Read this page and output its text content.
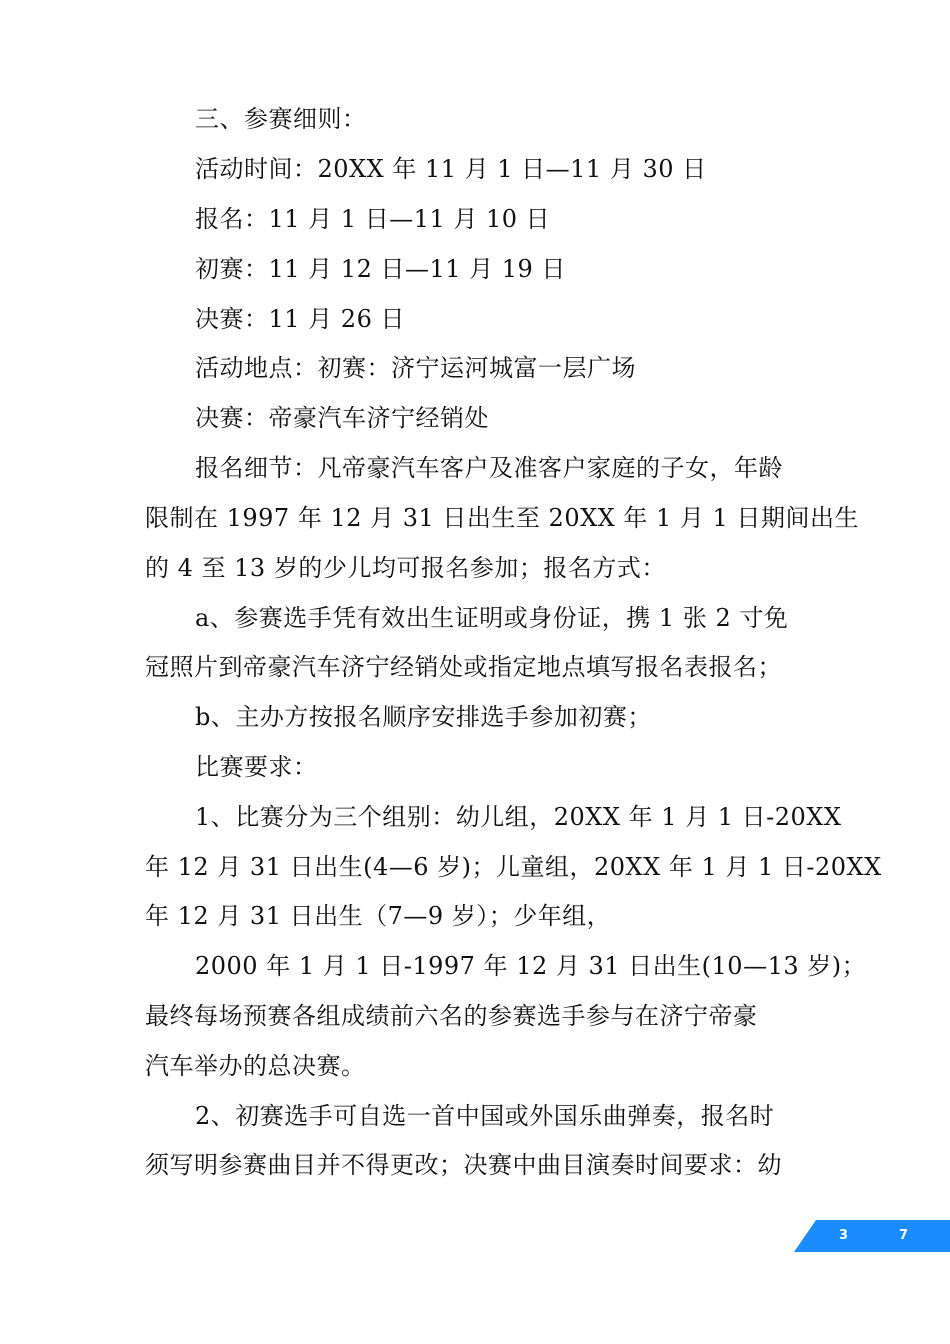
三、参赛细则：
活动时间：20XX 年 11 月 1 日—11 月 30 日
报名：11 月 1 日—11 月 10 日
初赛：11 月 12 日—11 月 19 日
决赛：11 月 26 日
活动地点：初赛：济宁运河城富一层广场
决赛：帝豪汽车济宁经销处
报名细节：凡帝豪汽车客户及准客户家庭的子女，年龄
限制在 1997 年 12 月 31 日出生至 20XX 年 1 月 1 日期间出生
的 4 至 13 岁的少儿均可报名参加；报名方式：
a、参赛选手凭有效出生证明或身份证，携 1 张 2 寸免
冠照片到帝豪汽车济宁经销处或指定地点填写报名表报名；
b、主办方按报名顺序安排选手参加初赛；
比赛要求：
1、比赛分为三个组别：幼儿组，20XX 年 1 月 1 日-20XX
年 12 月 31 日出生(4—6 岁)；儿童组，20XX 年 1 月 1 日-20XX
年 12 月 31 日出生（7—9 岁）；少年组，
2000 年 1 月 1 日-1997 年 12 月 31 日出生(10—13 岁)；
最终每场预赛各组成绩前六名的参赛选手参与在济宁帝豪
汽车举办的总决赛。
2、初赛选手可自选一首中国或外国乐曲弹奏，报名时
须写明参赛曲目并不得更改；决赛中曲目演奏时间要求：幼
3	7
